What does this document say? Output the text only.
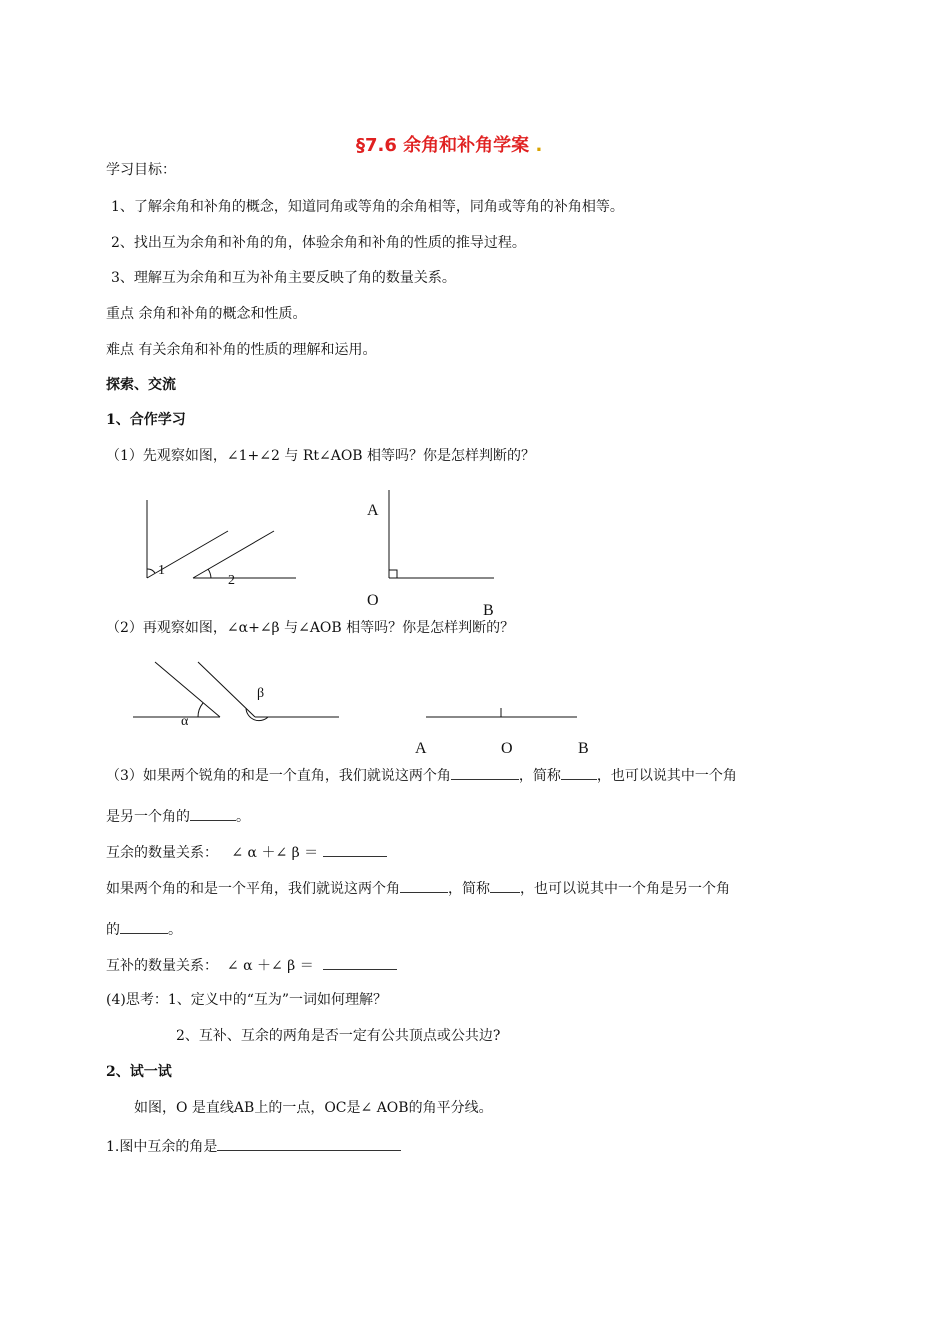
§7.6 余角和补角学案 .
学习目标：
1、了解余角和补角的概念，知道同角或等角的余角相等，同角或等角的补角相等。
2、找出互为余角和补角的角，体验余角和补角的性质的推导过程。
3、理解互为余角和互为补角主要反映了角的数量关系。
重点 余角和补角的概念和性质。
难点 有关余角和补角的性质的理解和运用。
探索、交流
1、合作学习
（1）先观察如图，∠1+∠2 与 Rt∠AOB 相等吗？你是怎样判断的？
1
2
A
O
B
（2）再观察如图，∠α+∠β 与∠AOB 相等吗？你是怎样判断的？
α
β
A	O	B
（3）如果两个锐角的和是一个直角，我们就说这两个角	，简称	，也可以说其中一个角
是另一个角的	。
互余的数量关系： ∠ α ＋∠ β ＝
如果两个角的和是一个平角，我们就说这两个角	，简称 ，也可以说其中一个角是另一个角
的	。
互补的数量关系： ∠ α ＋∠ β ＝
(4)思考：1、定义中的“互为”一词如何理解？
2、互补、互余的两角是否一定有公共顶点或公共边?
2、试一试
如图，O 是直线AB上的一点，OC是∠ AOB的角平分线。
1.图中互余的角是
